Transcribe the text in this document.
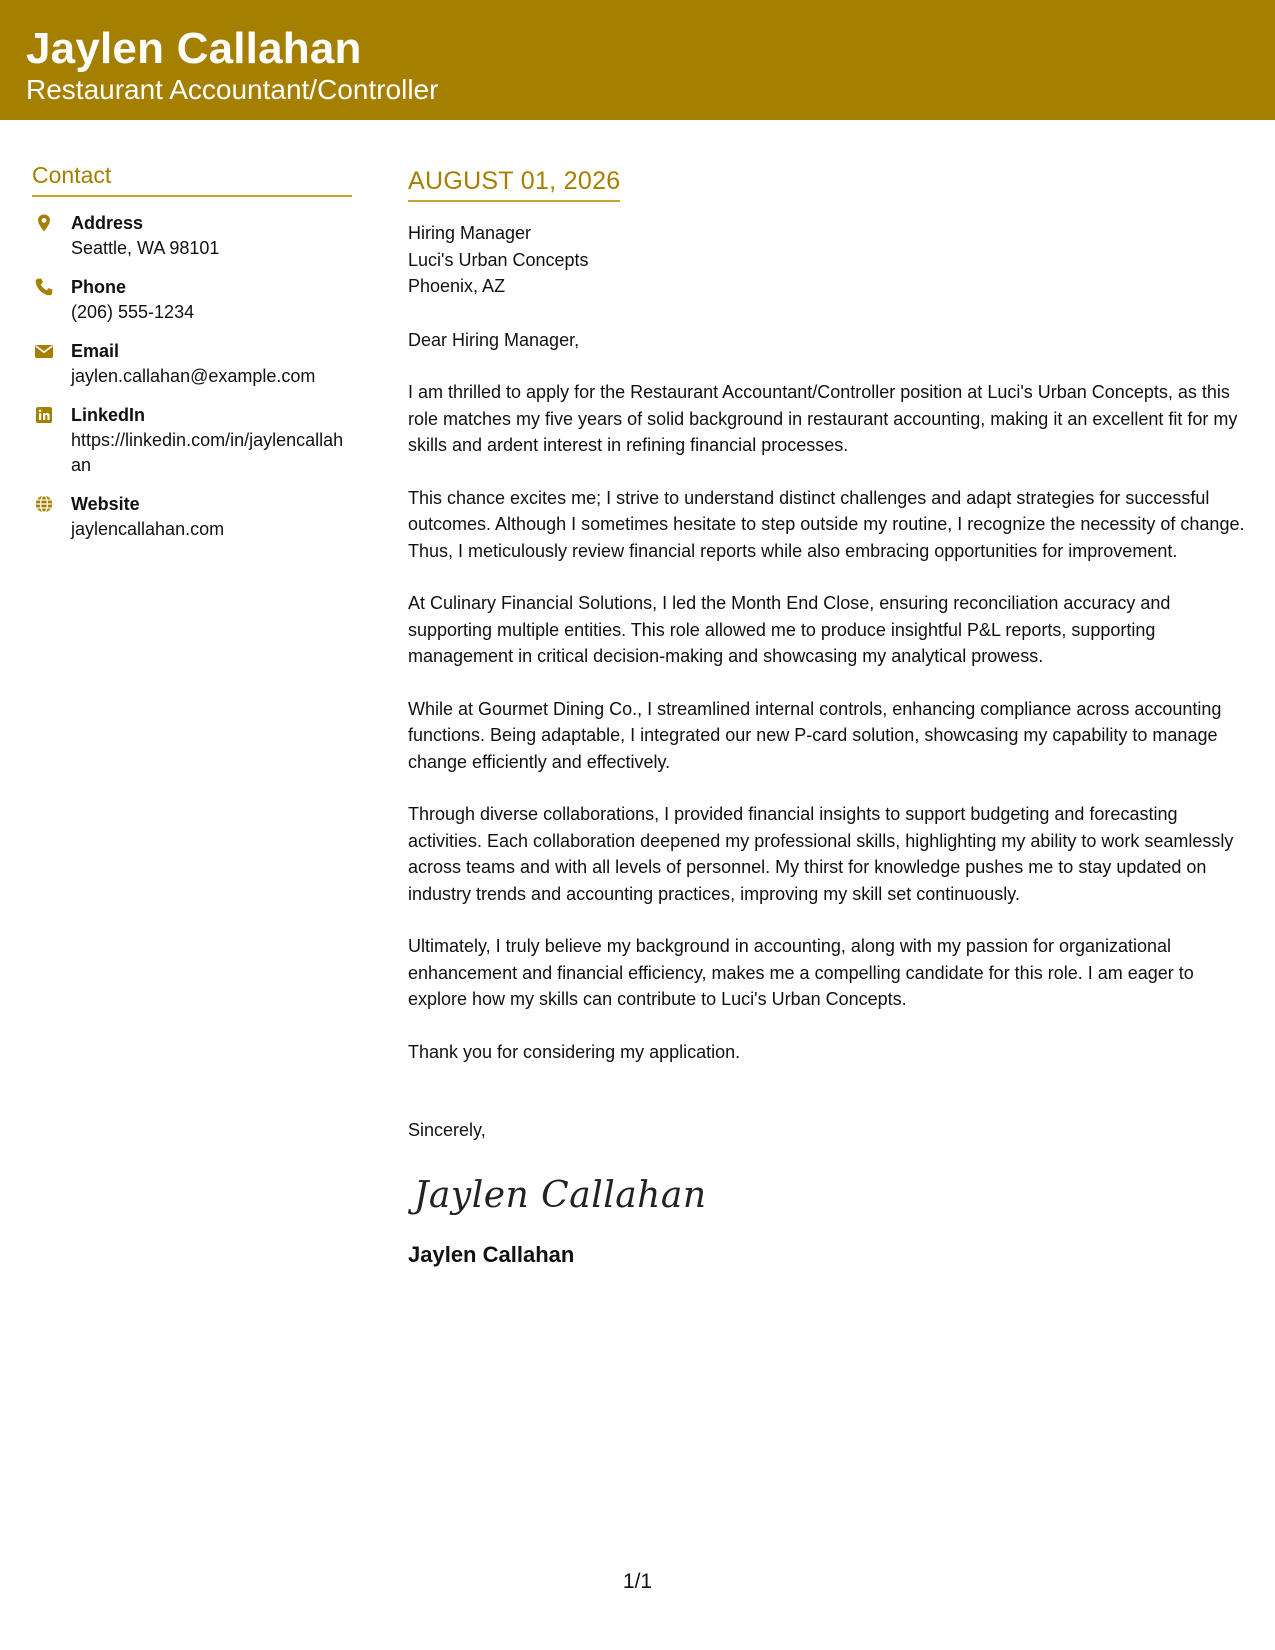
Jaylen Callahan
Restaurant Accountant/Controller
Contact
Address
Seattle, WA 98101
Phone
(206) 555-1234
Email
jaylen.callahan@example.com
LinkedIn
https://linkedin.com/in/jaylencallahan
Website
jaylencallahan.com
AUGUST 01, 2026
Hiring Manager
Luci's Urban Concepts
Phoenix, AZ
Dear Hiring Manager,

I am thrilled to apply for the Restaurant Accountant/Controller position at Luci's Urban Concepts, as this role matches my five years of solid background in restaurant accounting, making it an excellent fit for my skills and ardent interest in refining financial processes.

This chance excites me; I strive to understand distinct challenges and adapt strategies for successful outcomes. Although I sometimes hesitate to step outside my routine, I recognize the necessity of change. Thus, I meticulously review financial reports while also embracing opportunities for improvement.

At Culinary Financial Solutions, I led the Month End Close, ensuring reconciliation accuracy and supporting multiple entities. This role allowed me to produce insightful P&L reports, supporting management in critical decision-making and showcasing my analytical prowess.

While at Gourmet Dining Co., I streamlined internal controls, enhancing compliance across accounting functions. Being adaptable, I integrated our new P-card solution, showcasing my capability to manage change efficiently and effectively.

Through diverse collaborations, I provided financial insights to support budgeting and forecasting activities. Each collaboration deepened my professional skills, highlighting my ability to work seamlessly across teams and with all levels of personnel. My thirst for knowledge pushes me to stay updated on industry trends and accounting practices, improving my skill set continuously.

Ultimately, I truly believe my background in accounting, along with my passion for organizational enhancement and financial efficiency, makes me a compelling candidate for this role. I am eager to explore how my skills can contribute to Luci's Urban Concepts.

Thank you for considering my application.

Sincerely,
Jaylen Callahan
Jaylen Callahan
1/1
